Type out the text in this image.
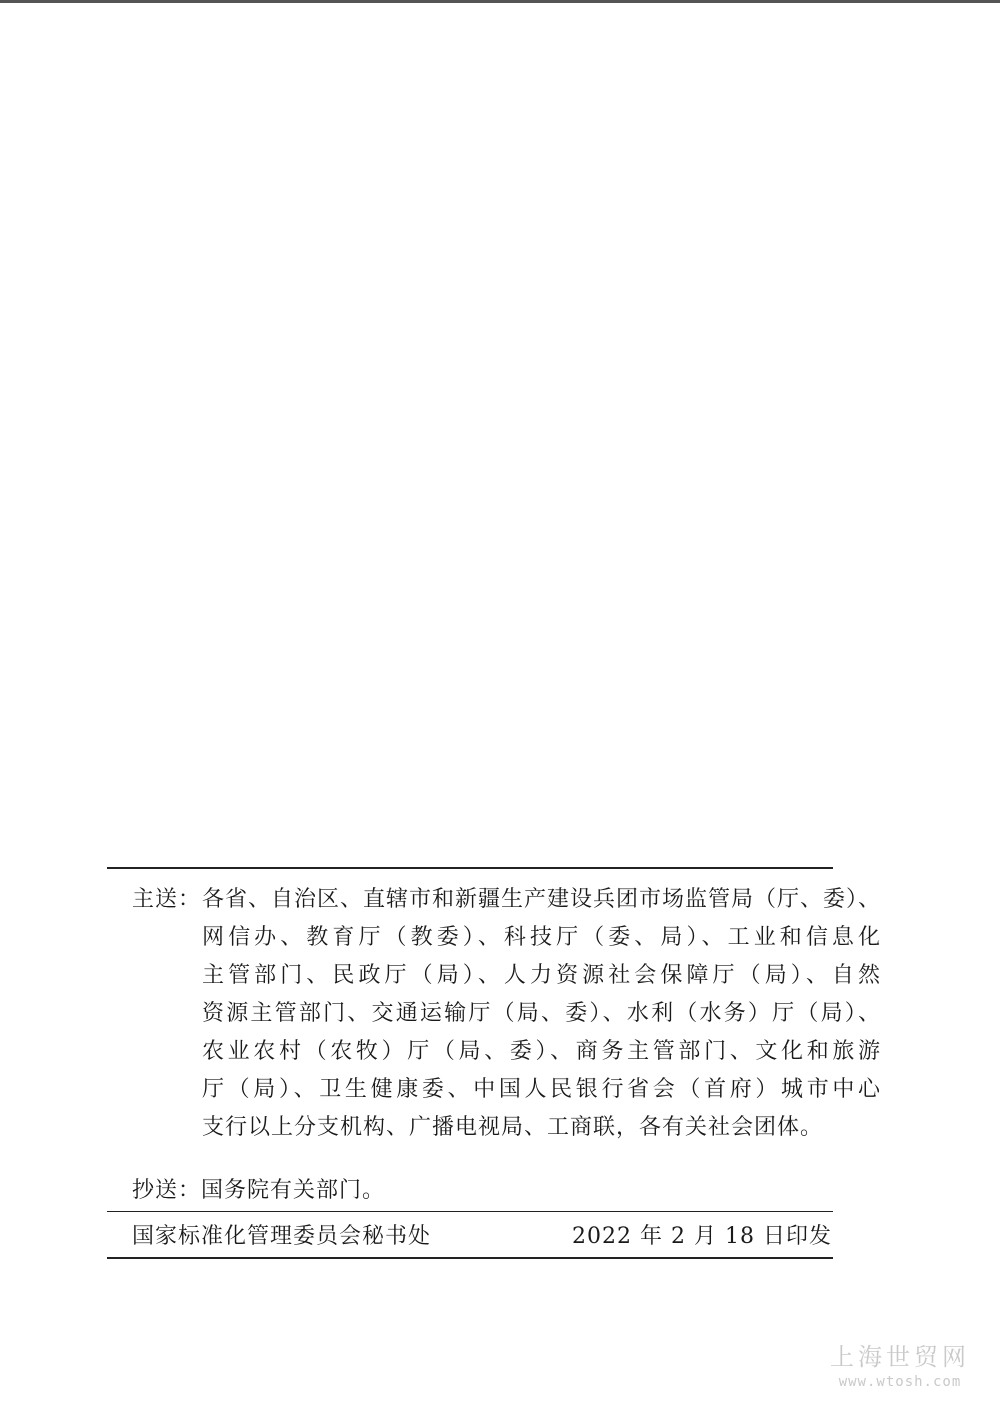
主送： 各省、自治区、直辖市和新疆生产建设兵团市场监管局（厅、委）、
网信办、教育厅（教委）、科技厅（委、局）、工业和信息化
主管部门、民政厅（局）、人力资源社会保障厅（局）、自然
资源主管部门、交通运输厅（局、委）、水利（水务）厅（局）、
农业农村（农牧）厅（局、委）、商务主管部门、文化和旅游
厅（局）、卫生健康委、中国人民银行省会（首府）城市中心
支行以上分支机构、广播电视局、工商联，各有关社会团体。
抄送：国务院有关部门。
国家标准化管理委员会秘书处	2022 年 2 月 18 日印发
上海世贸网
www.wtosh.com
